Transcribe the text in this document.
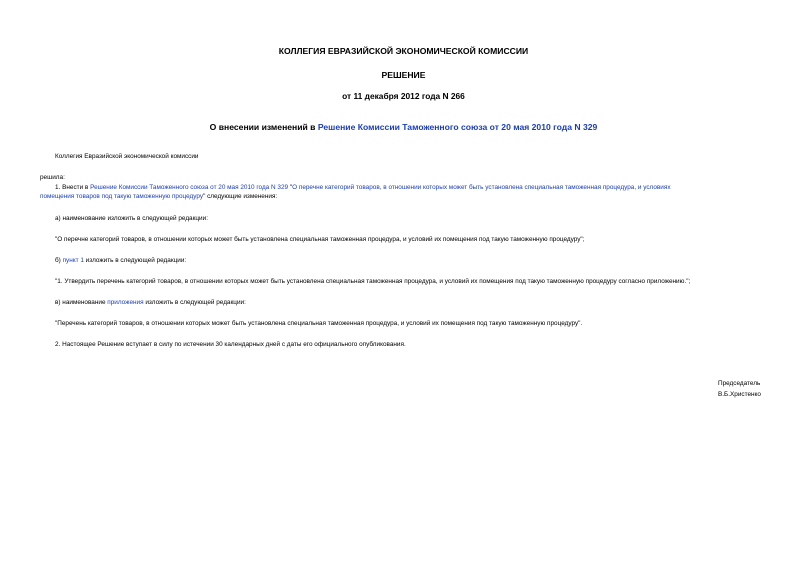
КОЛЛЕГИЯ ЕВРАЗИЙСКОЙ ЭКОНОМИЧЕСКОЙ КОМИССИИ
РЕШЕНИЕ
от 11 декабря 2012 года N 266
О внесении изменений в Решение Комиссии Таможенного союза от 20 мая 2010 года N 329
Коллегия Евразийской экономической комиссии
решила:
1. Внести в Решение Комиссии Таможенного союза от 20 мая 2010 года N 329 "О перечне категорий товаров, в отношении которых может быть установлена специальная таможенная процедура, и условиях
помещения товаров под такую таможенную процедуру" следующие изменения:
а) наименование изложить в следующей редакции:
"О перечне категорий товаров, в отношении которых может быть установлена специальная таможенная процедура, и условий их помещения под такую таможенную процедуру";
б) пункт 1 изложить в следующей редакции:
"1. Утвердить перечень категорий товаров, в отношении которых может быть установлена специальная таможенная процедура, и условий их помещения под такую таможенную процедуру согласно приложению.";
в) наименование приложения изложить в следующей редакции:
"Перечень категорий товаров, в отношении которых может быть установлена специальная таможенная процедура, и условий их помещения под такую таможенную процедуру".
2. Настоящее Решение вступает в силу по истечении 30 календарных дней с даты его официального опубликования.
Председатель
В.Б.Христенко
